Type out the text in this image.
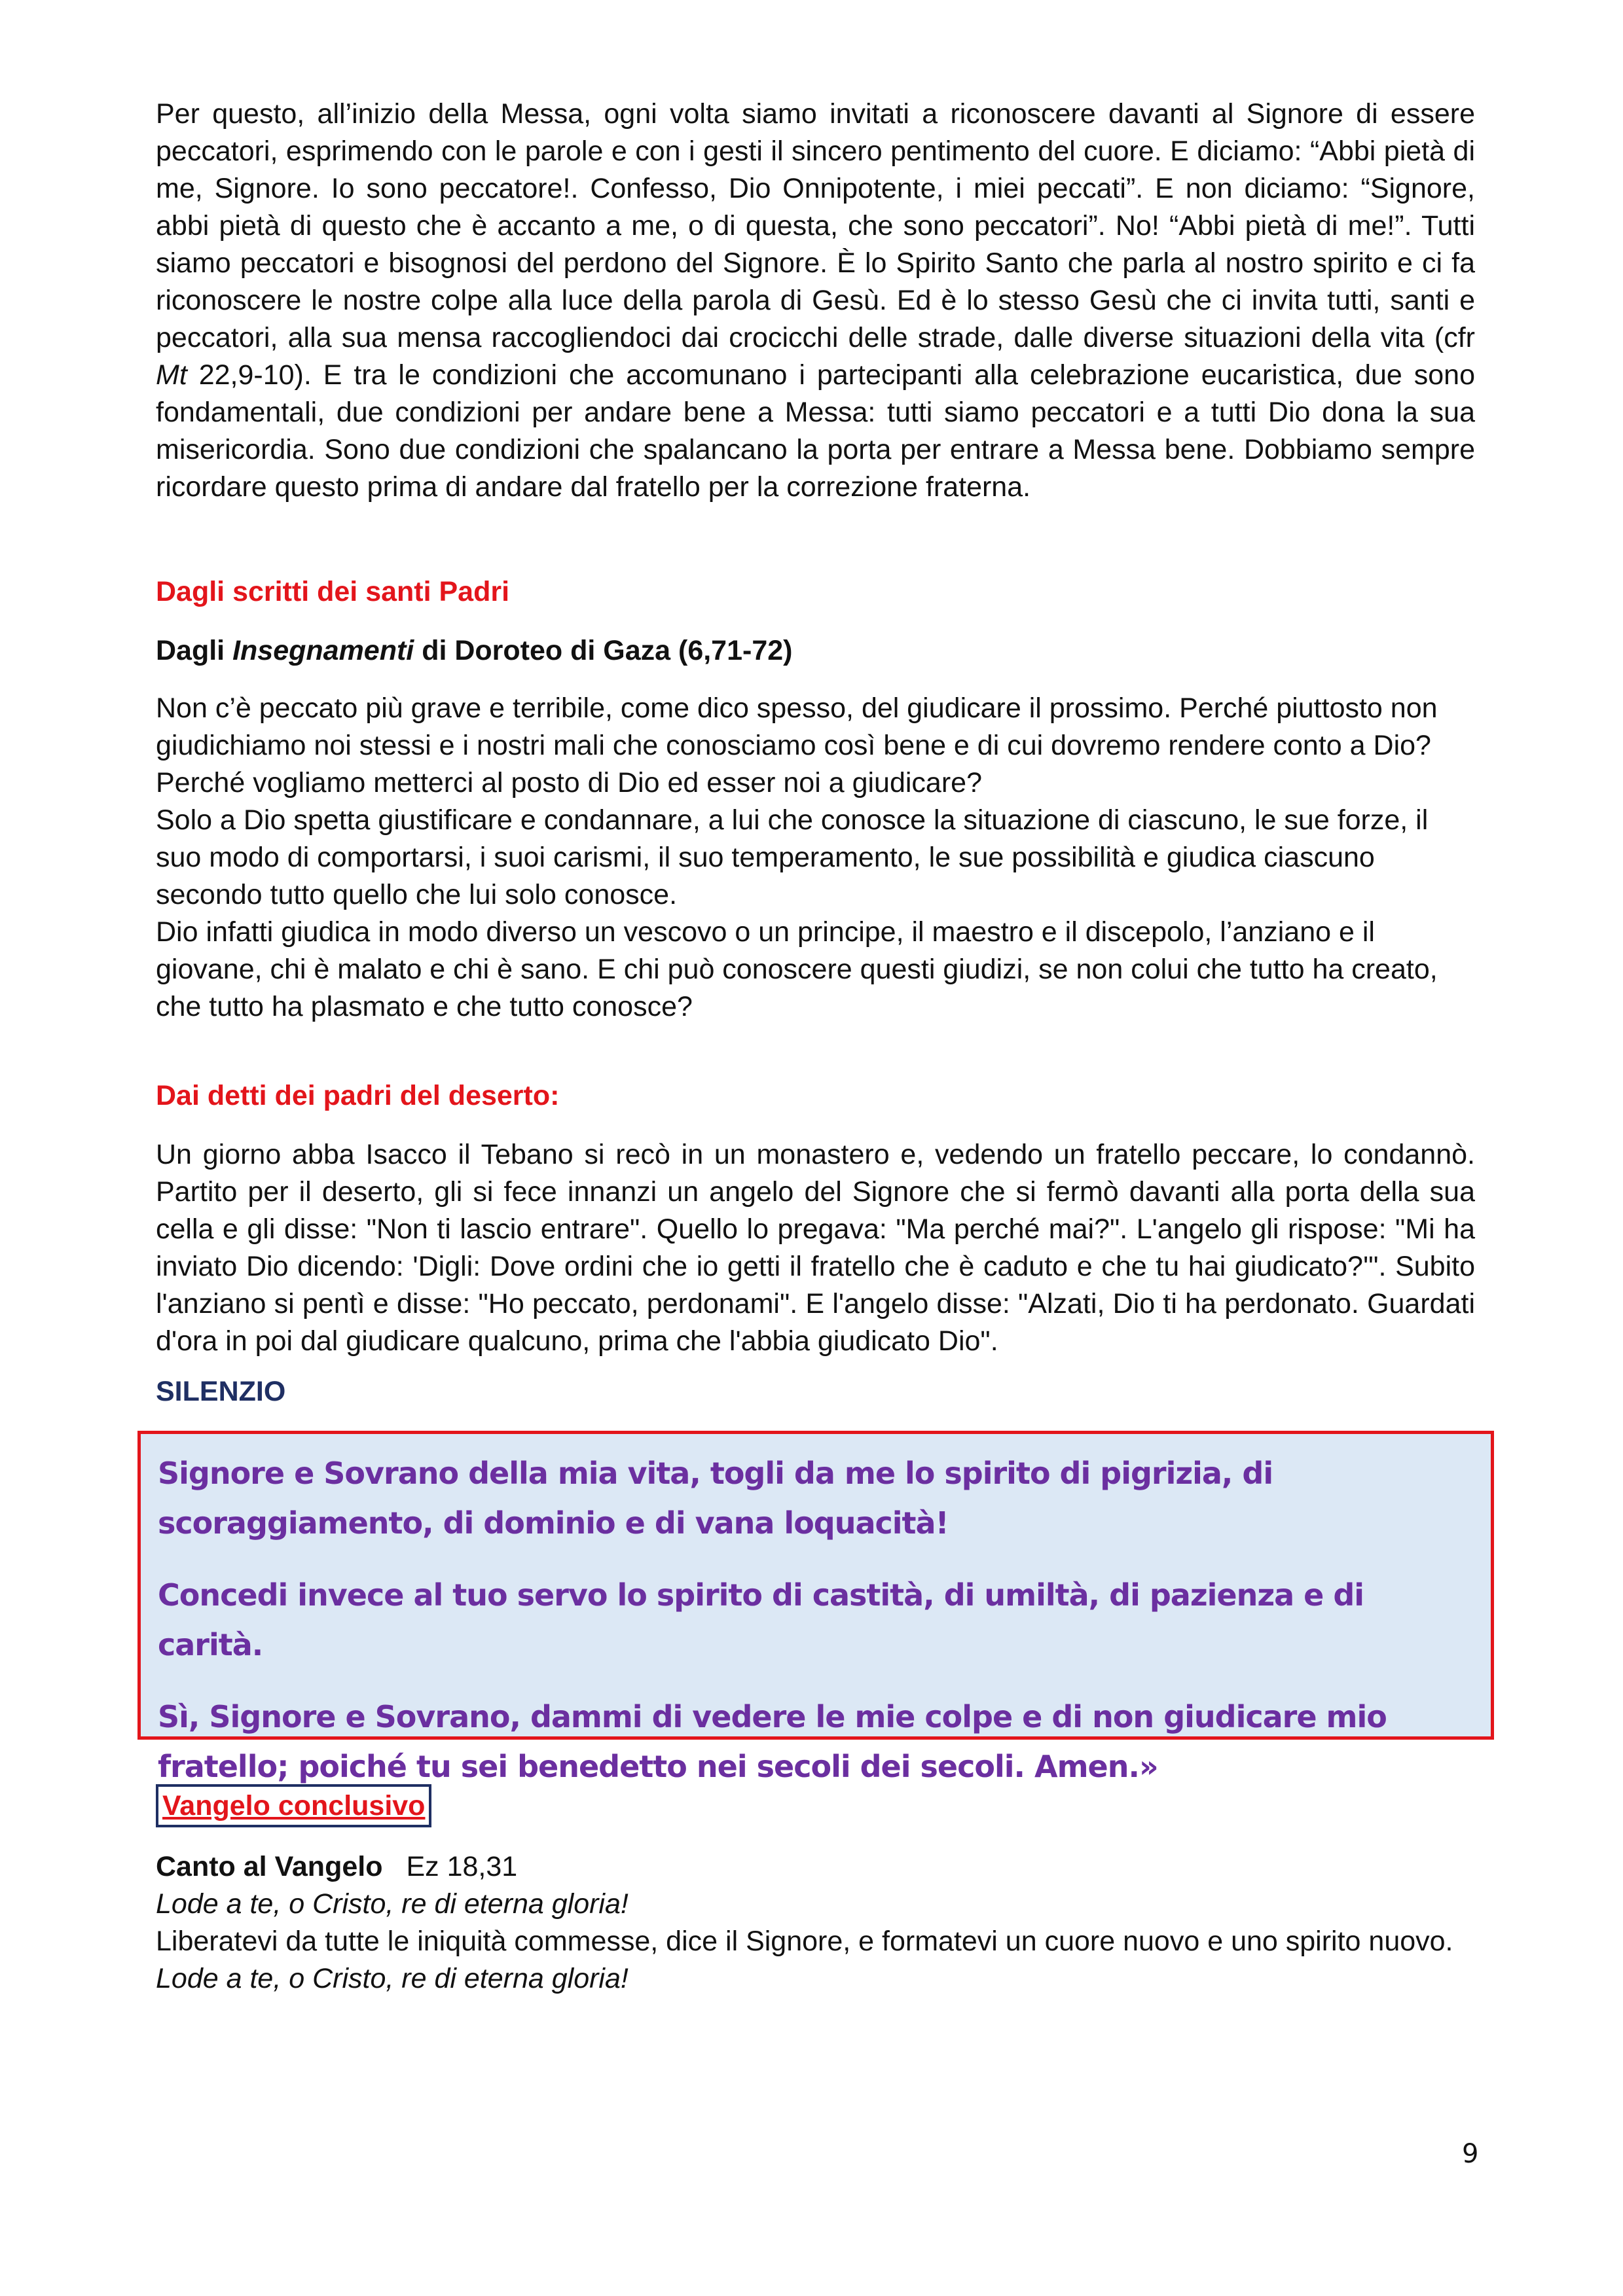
Per questo, all’inizio della Messa, ogni volta siamo invitati a riconoscere davanti al Signore di essere peccatori, esprimendo con le parole e con i gesti il sincero pentimento del cuore. E diciamo: “Abbi pietà di me, Signore. Io sono peccatore!. Confesso, Dio Onnipotente, i miei peccati”. E non diciamo: “Signore, abbi pietà di questo che è accanto a me, o di questa, che sono peccatori”. No! “Abbi pietà di me!”. Tutti siamo peccatori e bisognosi del perdono del Signore. È lo Spirito Santo che parla al nostro spirito e ci fa riconoscere le nostre colpe alla luce della parola di Gesù. Ed è lo stesso Gesù che ci invita tutti, santi e peccatori, alla sua mensa raccogliendoci dai crocicchi delle strade, dalle diverse situazioni della vita (cfr Mt 22,9-10). E tra le condizioni che accomunano i partecipanti alla celebrazione eucaristica, due sono fondamentali, due condizioni per andare bene a Messa: tutti siamo peccatori e a tutti Dio dona la sua misericordia. Sono due condizioni che spalancano la porta per entrare a Messa bene. Dobbiamo sempre ricordare questo prima di andare dal fratello per la correzione fraterna.

Dagli scritti dei santi Padri
Dagli Insegnamenti di Doroteo di Gaza (6,71-72)

Non c’è peccato più grave e terribile, come dico spesso, del giudicare il prossimo. Perché piuttosto non giudichiamo noi stessi e i nostri mali che conosciamo così bene e di cui dovremo rendere conto a Dio? Perché vogliamo metterci al posto di Dio ed esser noi a giudicare?

Solo a Dio spetta giustificare e condannare, a lui che conosce la situazione di ciascuno, le sue forze, il suo modo di comportarsi, i suoi carismi, il suo temperamento, le sue possibilità e giudica ciascuno secondo tutto quello che lui solo conosce.

Dio infatti giudica in modo diverso un vescovo o un principe, il maestro e il discepolo, l’anziano e il giovane, chi è malato e chi è sano. E chi può conoscere questi giudizi, se non colui che tutto ha creato, che tutto ha plasmato e che tutto conosce?

Dai detti dei padri del deserto:

Un giorno abba Isacco il Tebano si recò in un monastero e, vedendo un fratello peccare, lo condannò. Partito per il deserto, gli si fece innanzi un angelo del Signore che si fermò davanti alla porta della sua cella e gli disse: "Non ti lascio entrare". Quello lo pregava: "Ma perché mai?". L'angelo gli rispose: "Mi ha inviato Dio dicendo: 'Digli: Dove ordini che io getti il fratello che è caduto e che tu hai giudicato?'". Subito l'anziano si pentì e disse: "Ho peccato, perdonami". E l'angelo disse: "Alzati, Dio ti ha perdonato. Guardati d'ora in poi dal giudicare qualcuno, prima che l'abbia giudicato Dio".

SILENZIO

Signore e Sovrano della mia vita, togli da me lo spirito di pigrizia, di scoraggiamento, di dominio e di vana loquacità!

Concedi invece al tuo servo lo spirito di castità, di umiltà, di pazienza e di carità.

Sì, Signore e Sovrano, dammi di vedere le mie colpe e di non giudicare mio fratello; poiché tu sei benedetto nei secoli dei secoli. Amen.»

Vangelo conclusivo
Canto al Vangelo Ez 18,31
Lode a te, o Cristo, re di eterna gloria!
Liberatevi da tutte le iniquità commesse, dice il Signore, e formatevi un cuore nuovo e uno spirito nuovo.
Lode a te, o Cristo, re di eterna gloria!
9
